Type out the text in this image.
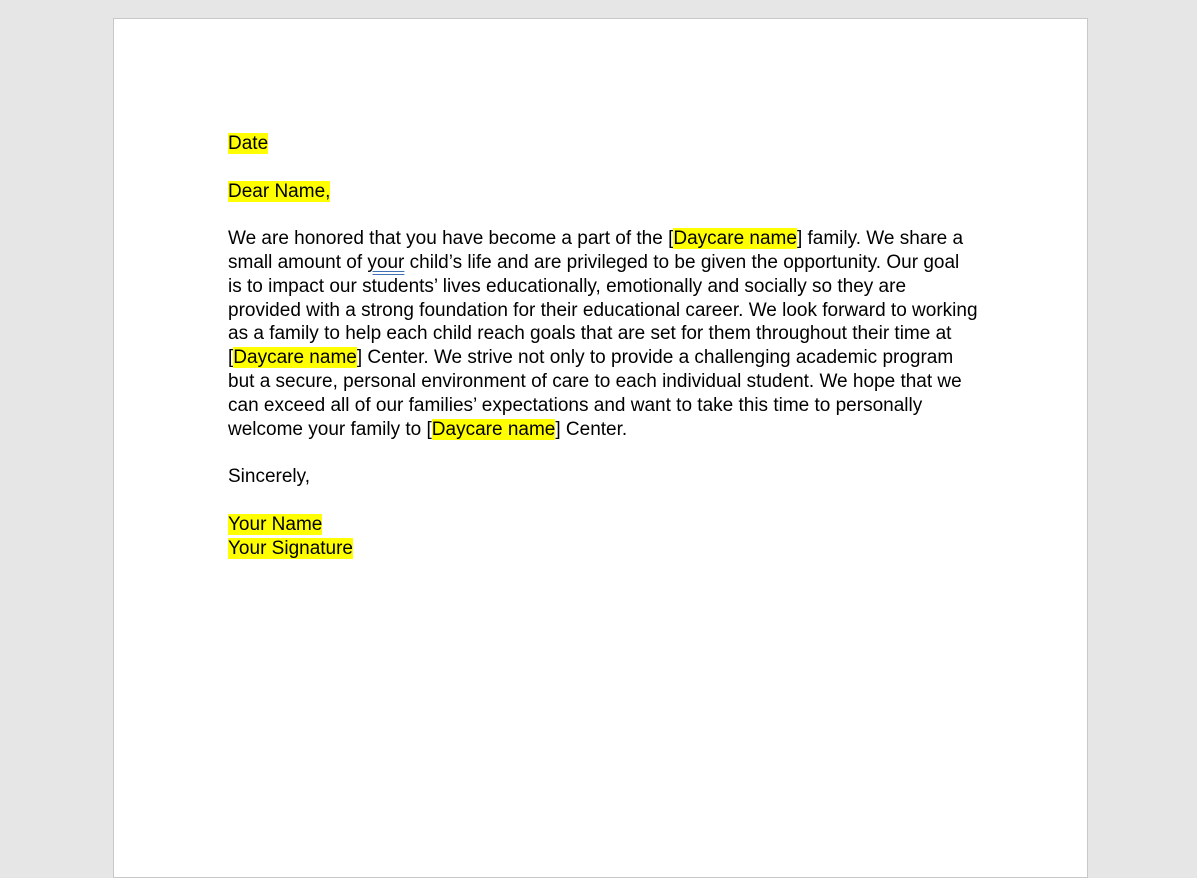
Date

Dear Name,

We are honored that you have become a part of the [Daycare name] family. We share a small amount of your child’s life and are privileged to be given the opportunity. Our goal is to impact our students’ lives educationally, emotionally and socially so they are provided with a strong foundation for their educational career. We look forward to working as a family to help each child reach goals that are set for them throughout their time at [Daycare name] Center. We strive not only to provide a challenging academic program but a secure, personal environment of care to each individual student. We hope that we can exceed all of our families’ expectations and want to take this time to personally welcome your family to [Daycare name] Center.

Sincerely,

Your Name
Your Signature
